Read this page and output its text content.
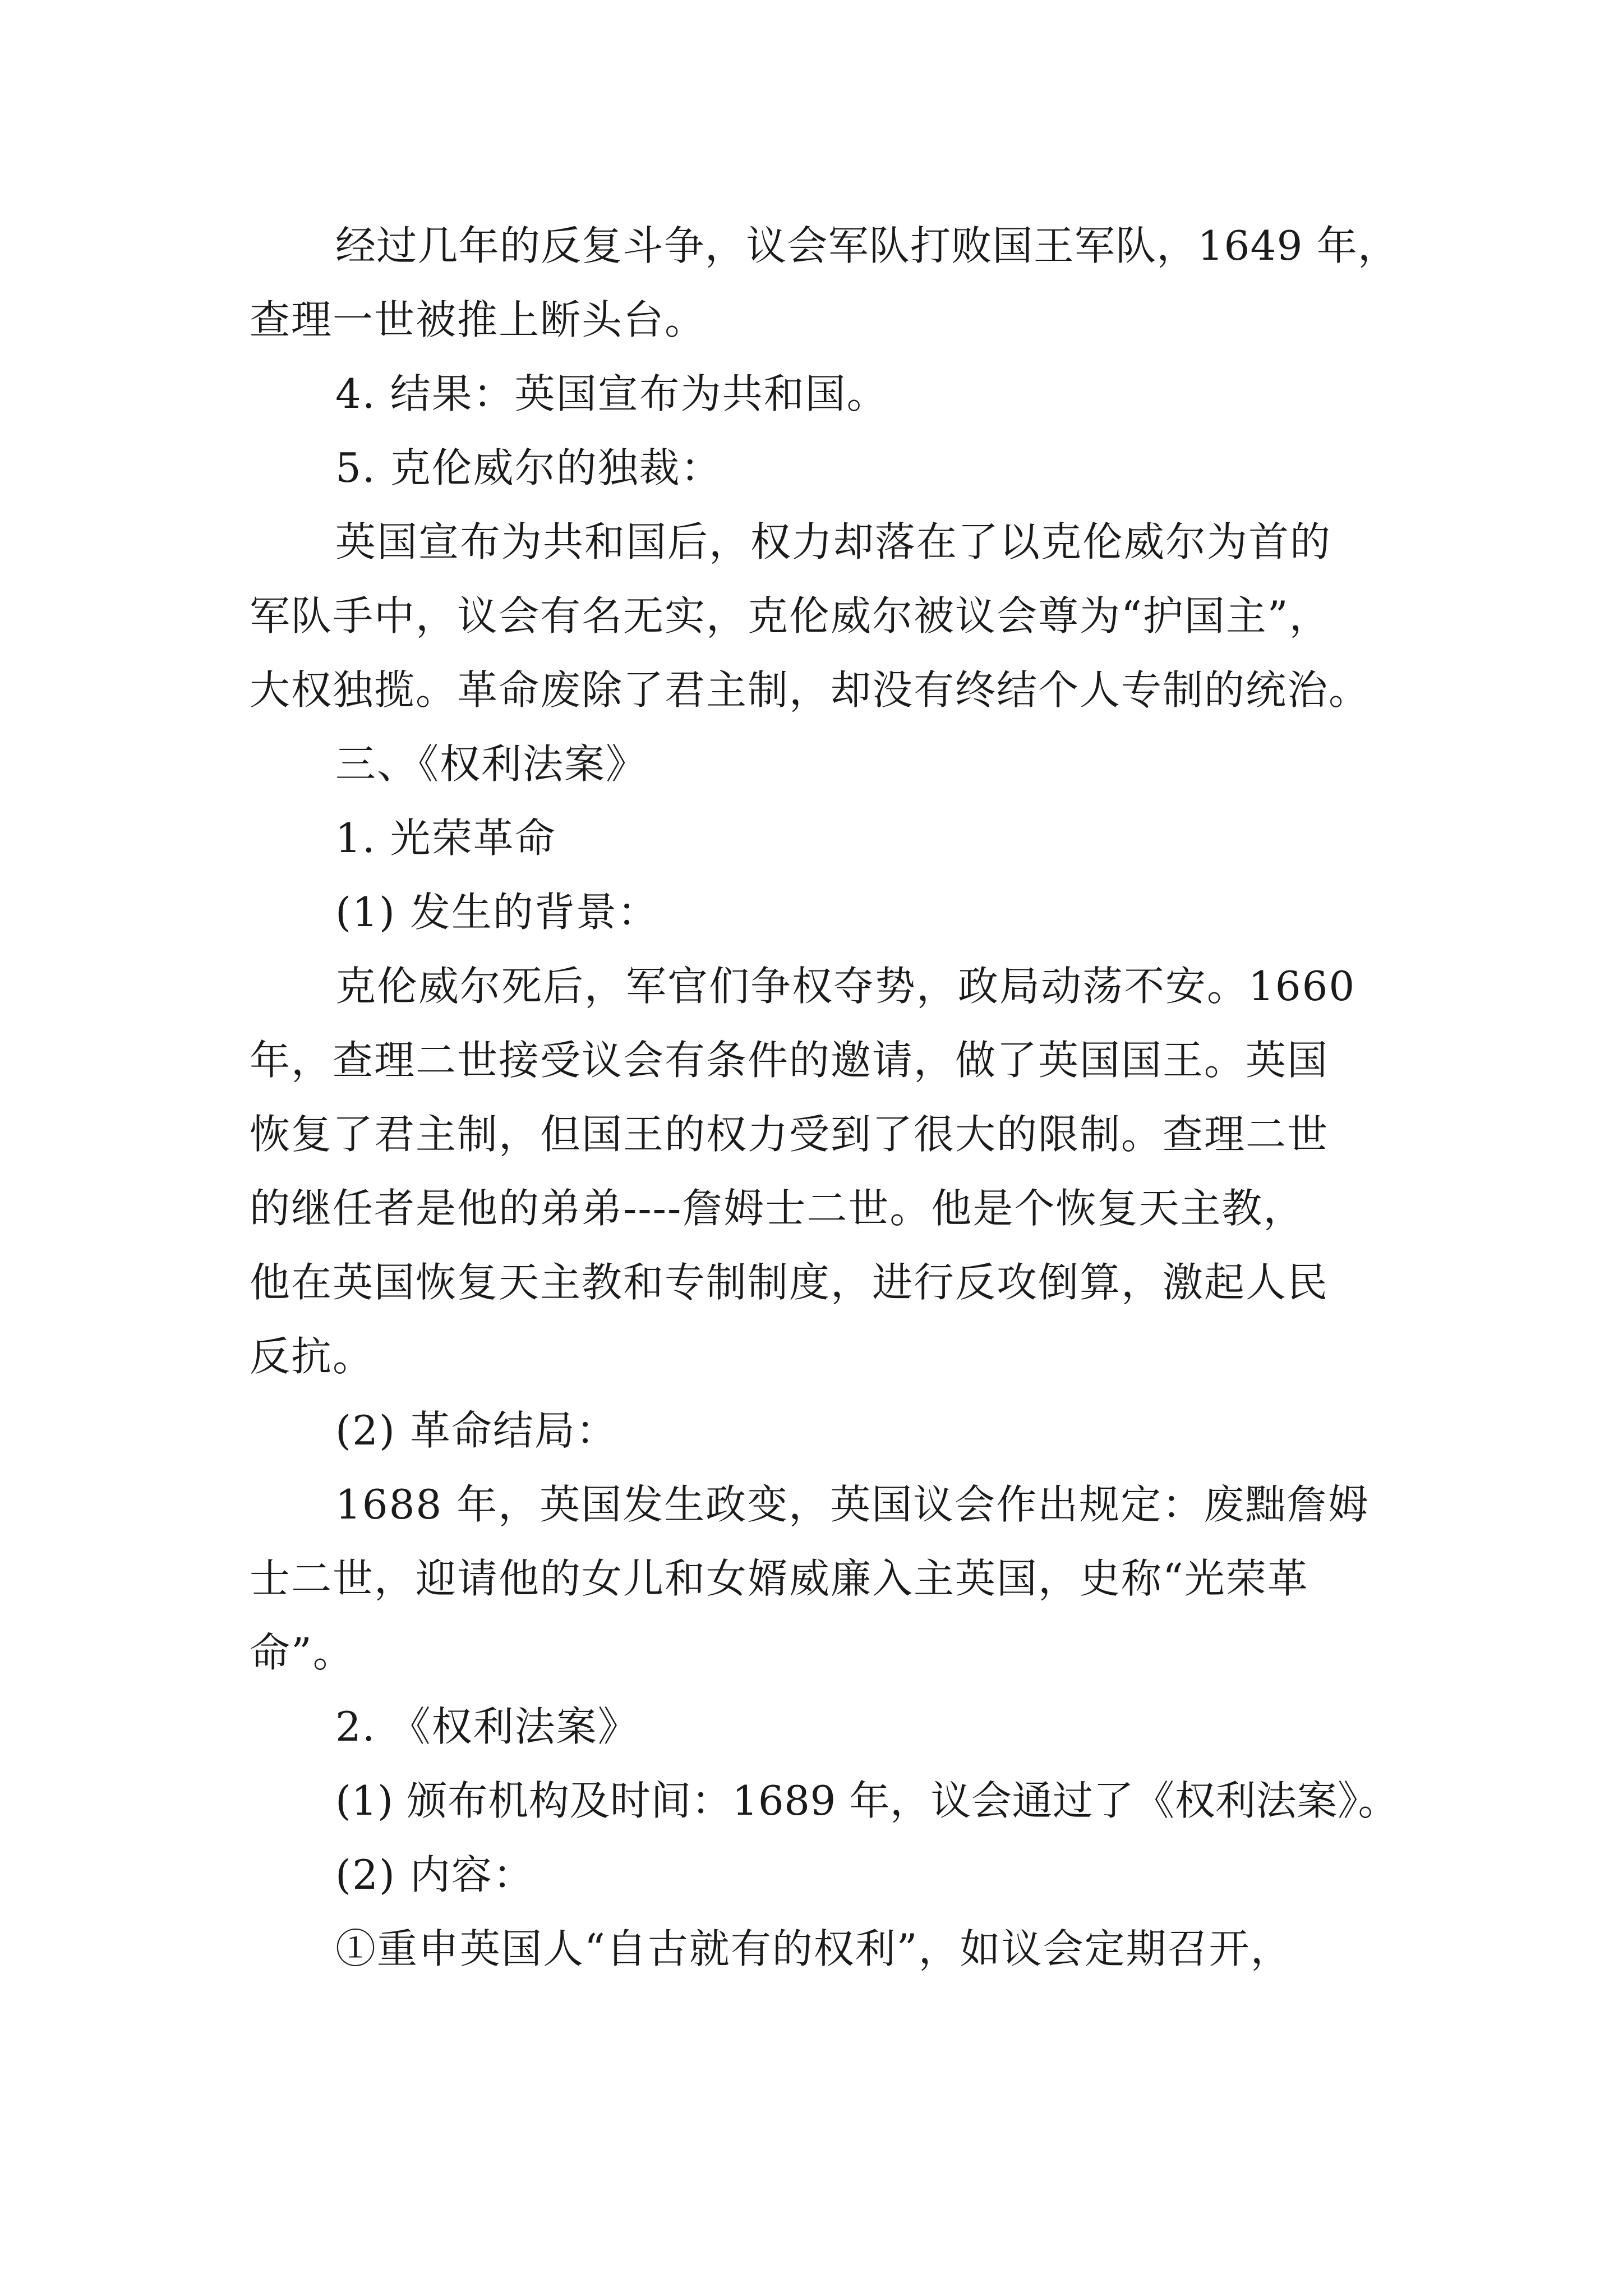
经过几年的反复斗争，议会军队打败国王军队，1649 年，
查理一世被推上断头台。
4. 结果：英国宣布为共和国。
5. 克伦威尔的独裁：
英国宣布为共和国后，权力却落在了以克伦威尔为首的
军队手中，议会有名无实，克伦威尔被议会尊为“护国主”，
大权独揽。革命废除了君主制，却没有终结个人专制的统治。
三、《权利法案》
1. 光荣革命
(1) 发生的背景：
克伦威尔死后，军官们争权夺势，政局动荡不安。1660
年，查理二世接受议会有条件的邀请，做了英国国王。英国
恢复了君主制，但国王的权力受到了很大的限制。查理二世
的继任者是他的弟弟----詹姆士二世。他是个恢复天主教，
他在英国恢复天主教和专制制度，进行反攻倒算，激起人民
反抗。
(2) 革命结局：
1688 年，英国发生政变，英国议会作出规定：废黜詹姆
士二世，迎请他的女儿和女婿威廉入主英国，史称“光荣革
命”。
2. 《权利法案》
(1) 颁布机构及时间：1689 年，议会通过了《权利法案》。
(2) 内容：
①重申英国人“自古就有的权利”，如议会定期召开，
